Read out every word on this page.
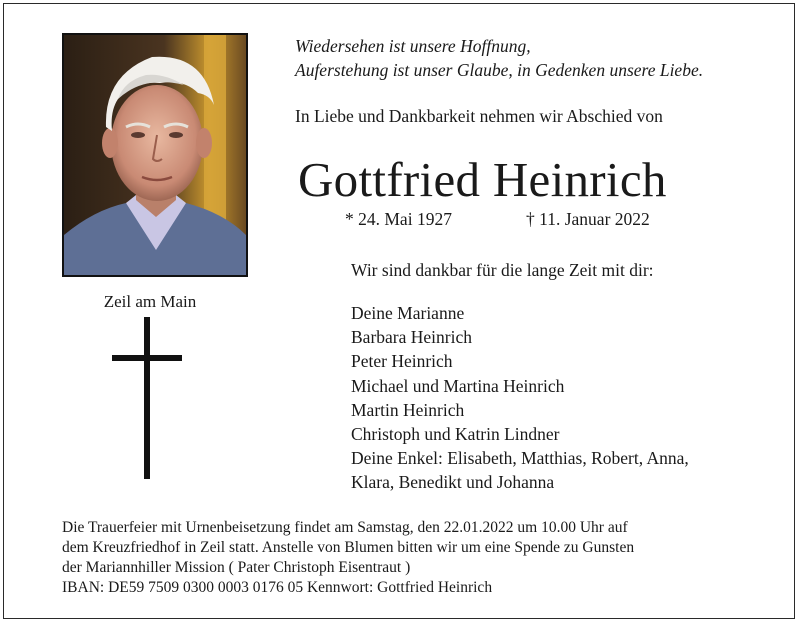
Zeil am Main
Wiedersehen ist unsere Hoffnung,
Auferstehung ist unser Glaube, in Gedenken unsere Liebe.
In Liebe und Dankbarkeit nehmen wir Abschied von
Gottfried Heinrich
* 24. Mai 1927	† 11. Januar 2022
Wir sind dankbar für die lange Zeit mit dir:
Deine Marianne
Barbara Heinrich
Peter Heinrich
Michael und Martina Heinrich
Martin Heinrich
Christoph und Katrin Lindner
Deine Enkel: Elisabeth, Matthias, Robert, Anna,
Klara, Benedikt und Johanna
Die Trauerfeier mit Urnenbeisetzung findet am Samstag, den 22.01.2022 um 10.00 Uhr auf
dem Kreuzfriedhof in Zeil statt. Anstelle von Blumen bitten wir um eine Spende zu Gunsten
der Mariannhiller Mission ( Pater Christoph Eisentraut )
IBAN: DE59 7509 0300 0003 0176 05 Kennwort: Gottfried Heinrich
